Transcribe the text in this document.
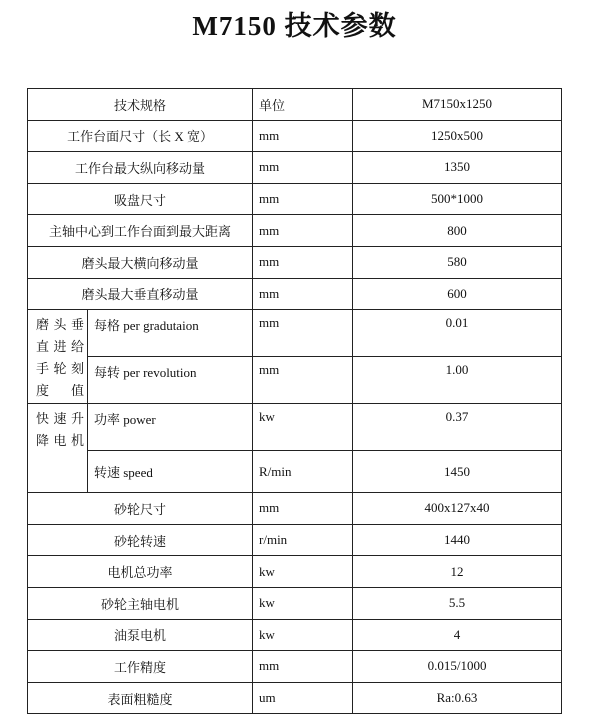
M7150 技术参数
技术规格		单位	M7150x1250
工作台面尺寸（长 X 宽）		mm	1250x500
工作台最大纵向移动量		mm	1350
吸盘尺寸		mm	500*1000
主轴中心到工作台面到最大距离		mm	800
磨头最大横向移动量		mm	580
磨头最大垂直移动量		mm	600

磨头垂
直进给
手轮刻
度值	每格 per gradutaion	mm	0.01
	每转 per revolution	mm	1.00

快速升
降电机	功率 power	kw	0.37
	转速 speed	R/min	1450
砂轮尺寸		mm	400x127x40
砂轮转速		r/min	1440
电机总功率		kw	12
砂轮主轴电机		kw	5.5
油泵电机		kw	4
工作精度		mm	0.015/1000
表面粗糙度		um	Ra:0.63
